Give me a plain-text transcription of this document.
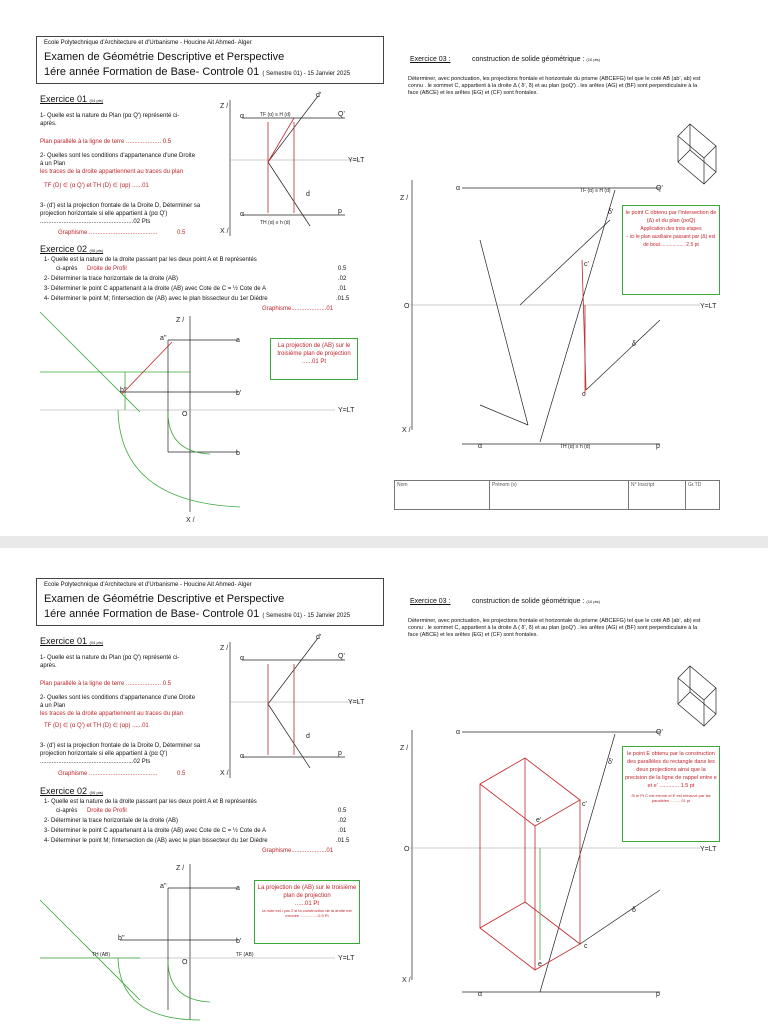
Ecole Polytechnique d'Architecture et d'Urbanisme - Houcine Ait Ahmed- Alger
Examen de Géométrie Descriptive et Perspective
1ére année Formation de Base- Controle 01 ( Semestre 01) - 15 Janvier 2025
Exercice 01 (04 pts)
1- Quelle est la nature du Plan (pα Q') représenté ci-après.
Plan paralléle à la ligne de terre ..................... 0.5
2- Quelles sont les conditions d'appartenance d'une Droite à un Plan
les traces de la droite appartiennent au traces du plan
TF (D) ∈ (α Q') et TH (D) ∈ (αp) ......01
3- (d') est la projection frontale de la Droite D, Déterminer sa projection horizontale si elle appartient à (pα Q') ........................................................02 Pts
Graphisme .........................................	0.5
Z /
α
α
Q'
p
d'
d
TF (α) ≡ H (d)
TH (α) ≡ h (d)
Y=LT
X /
Exercice 02 (06 pts)
1- Quelle est la nature de la droite passant par les deux point A et B représentés
ci-après Droite de Profil	0.5
2- Déterminer la trace horizontale de la droite (AB)	.02
3- Déterminer le point C appartenant à la droite (AB) avec Cote de C = ½ Cote de A	.01
4- Déterminer le point M; l'intersection de (AB) avec le plan bissecteur du 1er Diédre	.01.5
Graphisme.....................01
La projection de (AB) sur le troisième plan de projection
......01 Pt
Z /
a''
b''
a
b'
b
O
Y=LT
X /
Exercice 03 :	construction de solide géométrique : (10 pts)
Déterminer, avec ponctuation, les projections frontale et horizontale du prisme (ABCEFG) tel que le coté AB (ab', ab) est connu . le sommet C, appartient à la droite Δ ( δ', δ) et au plan (poQ') . les arêtes (AG) et (BF) sont perpendiculaire à la face (ABCE) et les arêtes (EG) et (CF) sont frontales.
Z /
α	Q'
α	p
δ'
δ
c'
c
O	Y=LT
X /
TF (α) ≡ H (d)
TH (α) ≡ h (d)
le point C obtenu par l'intersection de (Δ) et du plan (poQ)
Application des trois etapes
- ici le plan auxiliaire passant par (Δ) est de bout.................. 2.5 pt
Nom	Prénom (s)	N° Inscript	Gr.TD
Ecole Polytechnique d'Architecture et d'Urbanisme - Houcine Ait Ahmed- Alger
Examen de Géométrie Descriptive et Perspective
1ére année Formation de Base- Controle 01 ( Semestre 01) - 15 Janvier 2025
Exercice 01 (04 pts)
1- Quelle est la nature du Plan (pα Q') représenté ci-après.
Plan paralléle à la ligne de terre ..................... 0.5
2- Quelles sont les conditions d'appartenance d'une Droite à un Plan
les traces de la droite appartiennent au traces du plan
TF (D) ∈ (α Q') et TH (D) ∈ (αp) ......01
3- (d') est la projection frontale de la Droite D, Déterminer sa projection horizontale si elle appartient à (pα Q') ........................................................02 Pts
Graphisme .........................................	0.5
Z /
α
α
Q'
p
d'
d
Y=LT
X /
Exercice 02 (06 pts)
1- Quelle est la nature de la droite passant par les deux point A et B représentés
ci-après Droite de Profil	0.5
2- Déterminer la trace horizontale de la droite (AB)	.02
3- Déterminer le point C appartenant à la droite (AB) avec Cote de C = ½ Cote de A	.01
4- Déterminer le point M; l'intersection de (AB) avec le plan bissecteur du 1er Diédre	.01.5
Graphisme.....................01
La projection de (AB) sur le troisième plan de projection
......01 Pt
la note est / par 2 si la construction de la droite est erronée ................0.5 Pt
Z /
a''
b''
a
b'
O
Y=LT
TH (AB)	TF (AB)
Exercice 03 :	construction de solide géométrique : (10 pts)
Déterminer, avec ponctuation, les projections frontale et horizontale du prisme (ABCEFG) tel que le coté AB (ab', ab) est connu . le sommet C, appartient à la droite Δ ( δ', δ) et au plan (poQ') . les arêtes (AG) et (BF) sont perpendiculaire à la face (ABCE) et les arêtes (EG) et (CF) sont frontales.
Z /
α	Q'
α	p
δ'
δ
c'
c
e'
e
O	Y=LT
X /
le point E obtenu par la construction des paralléles du rectangle dans les deux projections ainsi que la precision de la ligne de rappel entre e et e' ............. 1.5 pt
Si le Pt C est erroné et E est retrouvé par les paralléles ......... 01 pt
